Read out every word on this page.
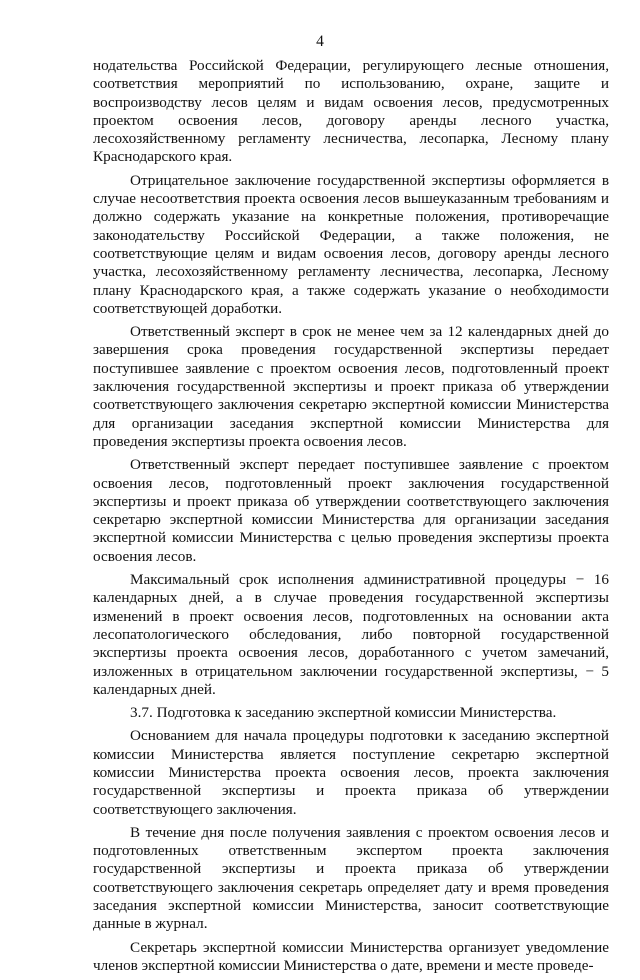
4

нодательства Российской Федерации, регулирующего лесные отношения, соответствия мероприятий по использованию, охране, защите и воспроизводству лесов целям и видам освоения лесов, предусмотренных проектом освоения лесов, договору аренды лесного участка, лесохозяйственному регламенту лесничества, лесопарка, Лесному плану Краснодарского края.

Отрицательное заключение государственной экспертизы оформляется в случае несоответствия проекта освоения лесов вышеуказанным требованиям и должно содержать указание на конкретные положения, противоречащие законодательству Российской Федерации, а также положения, не соответствующие целям и видам освоения лесов, договору аренды лесного участка, лесохозяйственному регламенту лесничества, лесопарка, Лесному плану Краснодарского края, а также содержать указание о необходимости соответствующей доработки.

Ответственный эксперт в срок не менее чем за 12 календарных дней до завершения срока проведения государственной экспертизы передает поступившее заявление с проектом освоения лесов, подготовленный проект заключения государственной экспертизы и проект приказа об утверждении соответствующего заключения секретарю экспертной комиссии Министерства для организации заседания экспертной комиссии Министерства для проведения экспертизы проекта освоения лесов.

Ответственный эксперт передает поступившее заявление с проектом освоения лесов, подготовленный проект заключения государственной экспертизы и проект приказа об утверждении соответствующего заключения секретарю экспертной комиссии Министерства для организации заседания экспертной комиссии Министерства с целью проведения экспертизы проекта освоения лесов.

Максимальный срок исполнения административной процедуры − 16 календарных дней, а в случае проведения государственной экспертизы изменений в проект освоения лесов, подготовленных на основании акта лесопатологического обследования, либо повторной государственной экспертизы проекта освоения лесов, доработанного с учетом замечаний, изложенных в отрицательном заключении государственной экспертизы, − 5 календарных дней.

3.7. Подготовка к заседанию экспертной комиссии Министерства.

Основанием для начала процедуры подготовки к заседанию экспертной комиссии Министерства является поступление секретарю экспертной комиссии Министерства проекта освоения лесов, проекта заключения государственной экспертизы и проекта приказа об утверждении соответствующего заключения.

В течение дня после получения заявления с проектом освоения лесов и подготовленных ответственным экспертом проекта заключения государственной экспертизы и проекта приказа об утверждении соответствующего заключения секретарь определяет дату и время проведения заседания экспертной комиссии Министерства, заносит соответствующие данные в журнал.

Секретарь экспертной комиссии Министерства организует уведомление членов экспертной комиссии Министерства о дате, времени и месте проведе-
